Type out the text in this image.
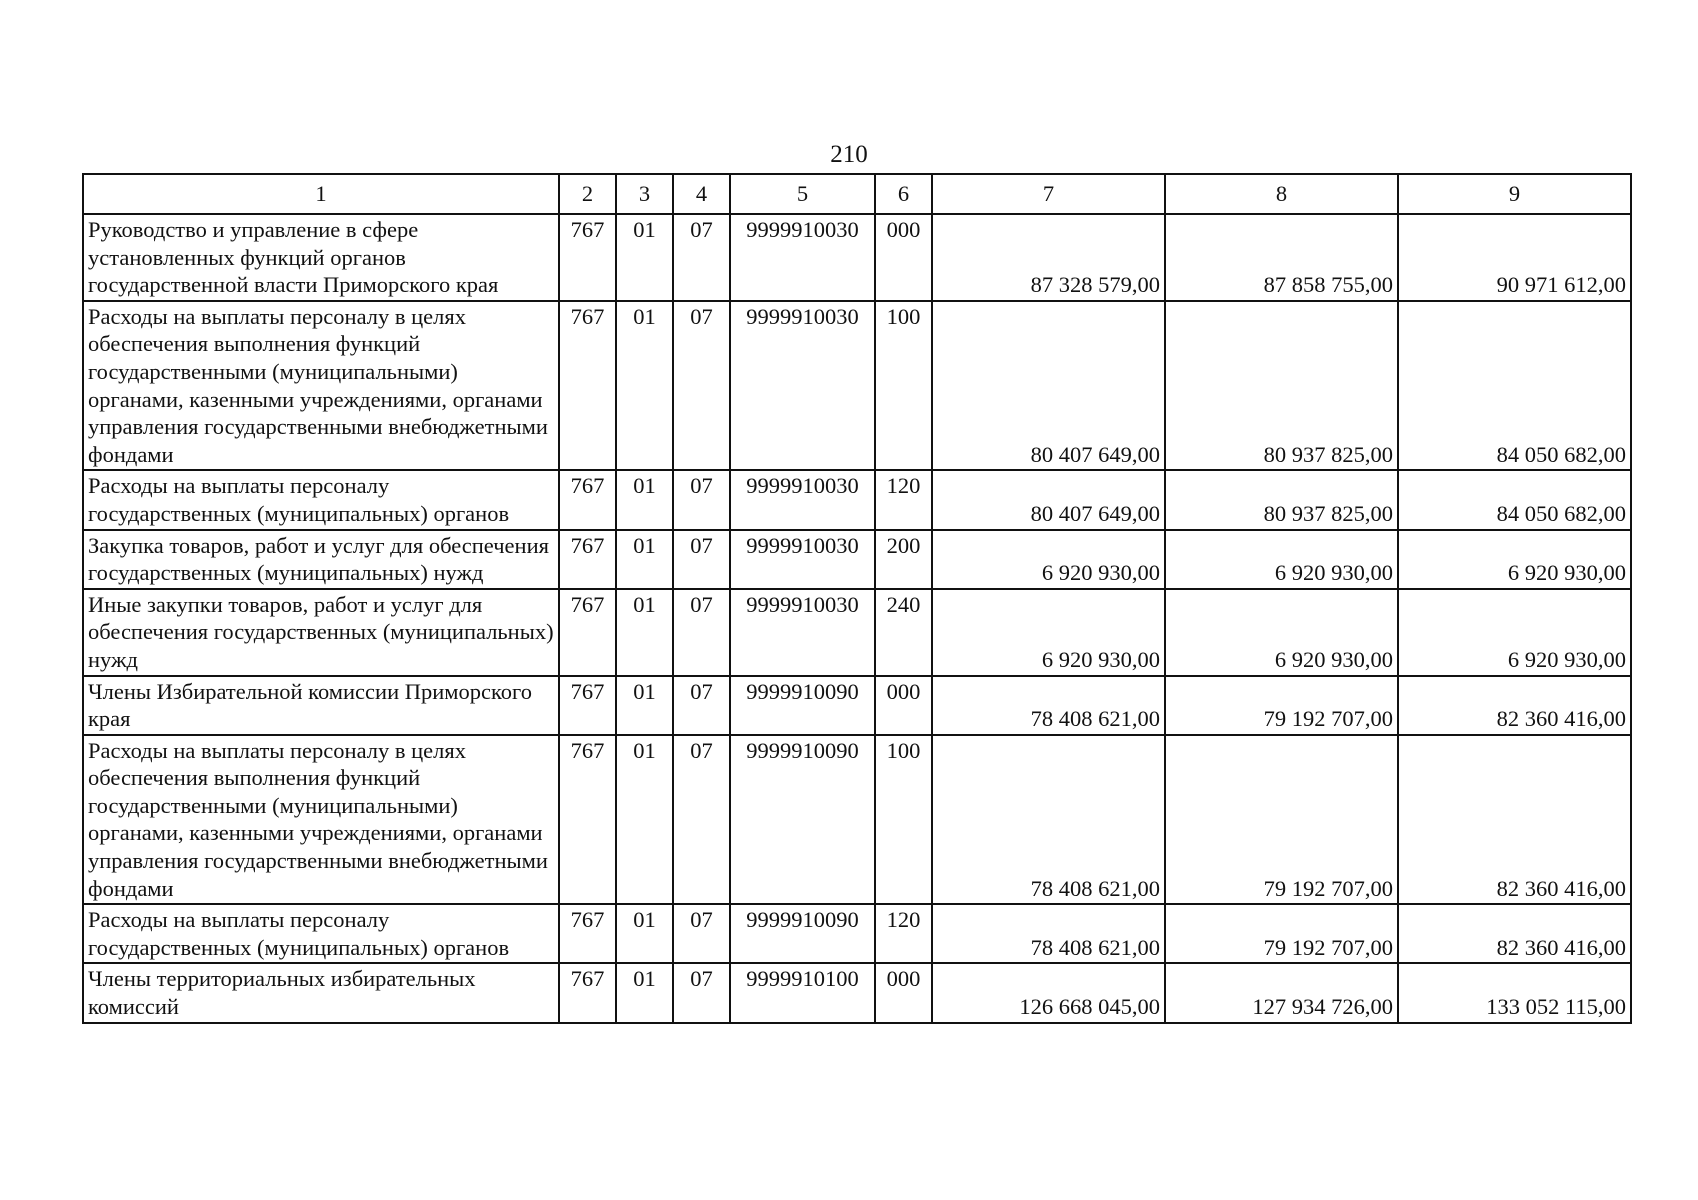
210
1	2	3	4	5	6	7	8	9
Руководство и управление в сфере установленных функций органов государственной власти Приморского края	767	01	07	9999910030	000	87 328 579,00	87 858 755,00	90 971 612,00
Расходы на выплаты персоналу в целях обеспечения выполнения функций государственными (муниципальными) органами, казенными учреждениями, органами управления государственными внебюджетными фондами	767	01	07	9999910030	100	80 407 649,00	80 937 825,00	84 050 682,00
Расходы на выплаты персоналу государственных (муниципальных) органов	767	01	07	9999910030	120	80 407 649,00	80 937 825,00	84 050 682,00
Закупка товаров, работ и услуг для обеспечения государственных (муниципальных) нужд	767	01	07	9999910030	200	6 920 930,00	6 920 930,00	6 920 930,00
Иные закупки товаров, работ и услуг для обеспечения государственных (муниципальных) нужд	767	01	07	9999910030	240	6 920 930,00	6 920 930,00	6 920 930,00
Члены Избирательной комиссии Приморского края	767	01	07	9999910090	000	78 408 621,00	79 192 707,00	82 360 416,00
Расходы на выплаты персоналу в целях обеспечения выполнения функций государственными (муниципальными) органами, казенными учреждениями, органами управления государственными внебюджетными фондами	767	01	07	9999910090	100	78 408 621,00	79 192 707,00	82 360 416,00
Расходы на выплаты персоналу государственных (муниципальных) органов	767	01	07	9999910090	120	78 408 621,00	79 192 707,00	82 360 416,00
Члены территориальных избирательных комиссий	767	01	07	9999910100	000	126 668 045,00	127 934 726,00	133 052 115,00
